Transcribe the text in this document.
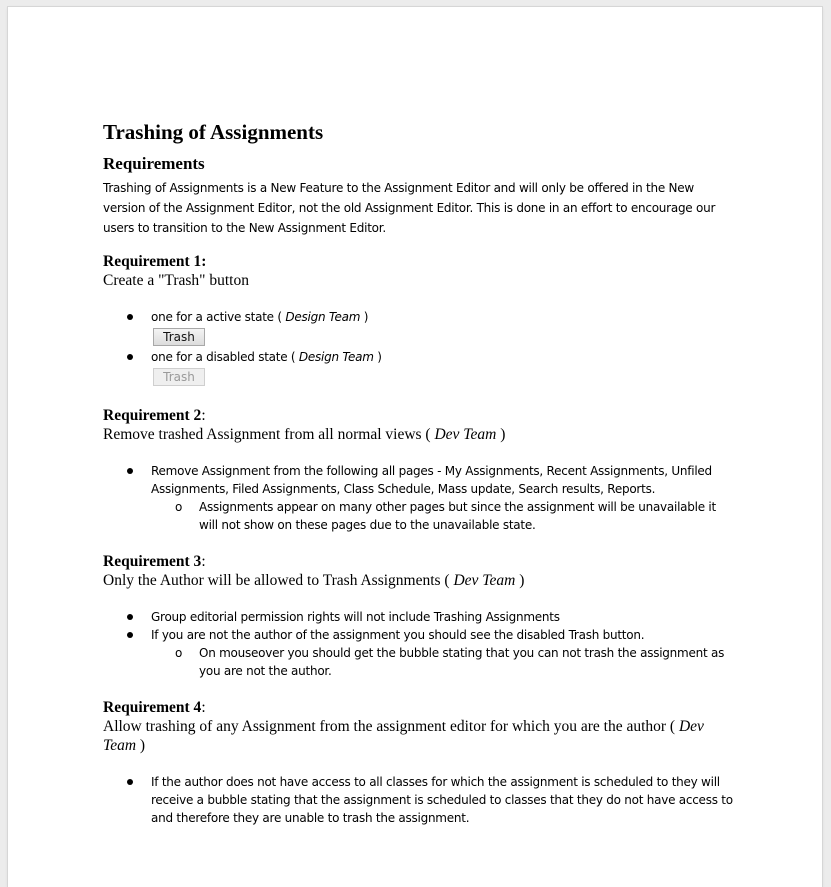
Trashing of Assignments
Requirements

Trashing of Assignments is a New Feature to the Assignment Editor and will only be offered in the New version of the Assignment Editor, not the old Assignment Editor. This is done in an effort to encourage our users to transition to the New Assignment Editor.

Requirement 1:

Create a "Trash" button

one for a active state ( Design Team )
Trash
one for a disabled state ( Design Team )
Trash

Requirement 2:

Remove trashed Assignment from all normal views ( Dev Team )

Remove Assignment from the following all pages - My Assignments, Recent Assignments, Unfiled Assignments, Filed Assignments, Class Schedule, Mass update, Search results, Reports.
o Assignments appear on many other pages but since the assignment will be unavailable it will not show on these pages due to the unavailable state.

Requirement 3:

Only the Author will be allowed to Trash Assignments ( Dev Team )

Group editorial permission rights will not include Trashing Assignments
If you are not the author of the assignment you should see the disabled Trash button.
o On mouseover you should get the bubble stating that you can not trash the assignment as you are not the author.

Requirement 4:

Allow trashing of any Assignment from the assignment editor for which you are the author ( Dev Team )

If the author does not have access to all classes for which the assignment is scheduled to they will receive a bubble stating that the assignment is scheduled to classes that they do not have access to and therefore they are unable to trash the assignment.
